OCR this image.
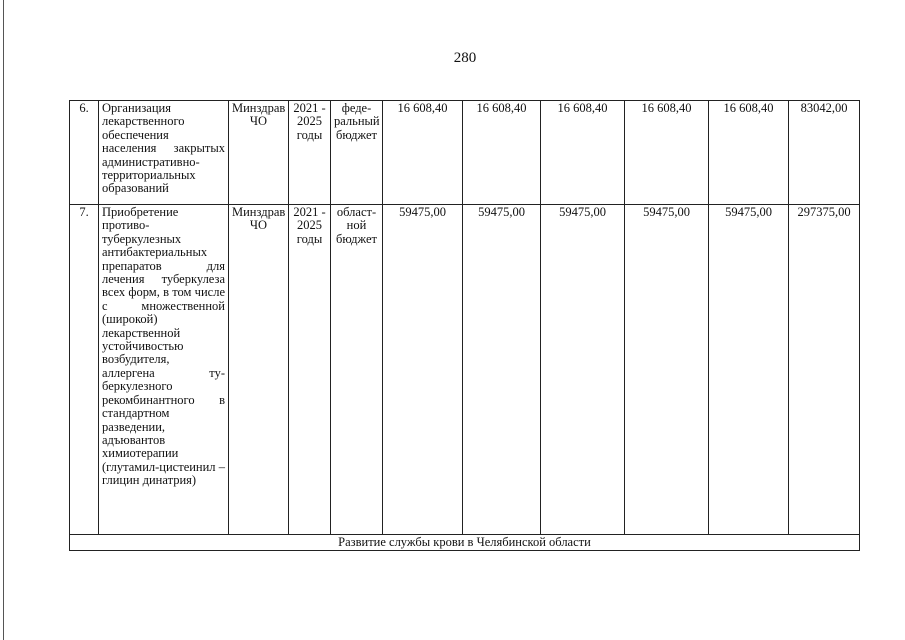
280
6.	Организация лекарственного обеспечения населения закрытых административно-территориальных образований	Минздрав ЧО	2021 - 2025 годы	феде-ральный бюджет	16 608,40	16 608,40	16 608,40	16 608,40	16 608,40	83042,00
7.	Приобретение противо-туберкулезных антибактериальных препаратов для лечения туберкулеза всех форм, в том числе с множественной (широкой) лекарственной устойчивостью возбудителя, аллергена ту-беркулезного рекомбинантного в стандартном разведении, адъювантов химиотерапии (глутамил-цистеинил – глицин динатрия)	Минздрав ЧО	2021 - 2025 годы	област-ной бюджет	59475,00	59475,00	59475,00	59475,00	59475,00	297375,00
Развитие службы крови в Челябинской области										
